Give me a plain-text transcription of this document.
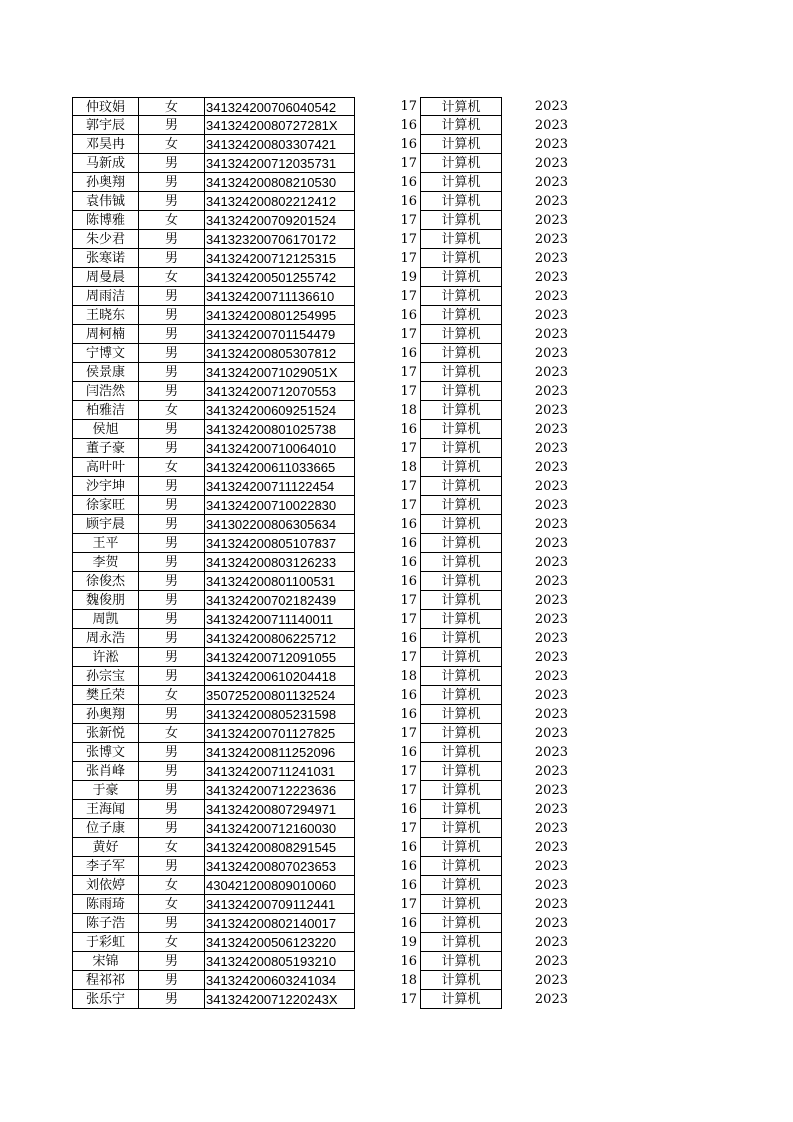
仲玟娟	女	341324200706040542	17	计算机	2023
郭宇辰	男	34132420080727281X	16	计算机	2023
邓昊冉	女	341324200803307421	16	计算机	2023
马新成	男	341324200712035731	17	计算机	2023
孙奥翔	男	341324200808210530	16	计算机	2023
袁伟铖	男	341324200802212412	16	计算机	2023
陈博雅	女	341324200709201524	17	计算机	2023
朱少君	男	341323200706170172	17	计算机	2023
张寒诺	男	341324200712125315	17	计算机	2023
周曼晨	女	341324200501255742	19	计算机	2023
周雨洁	男	341324200711136610	17	计算机	2023
王晓东	男	341324200801254995	16	计算机	2023
周柯楠	男	341324200701154479	17	计算机	2023
宁博文	男	341324200805307812	16	计算机	2023
侯景康	男	34132420071029051X	17	计算机	2023
闫浩然	男	341324200712070553	17	计算机	2023
柏雅洁	女	341324200609251524	18	计算机	2023
侯旭	男	341324200801025738	16	计算机	2023
董子豪	男	341324200710064010	17	计算机	2023
高叶叶	女	341324200611033665	18	计算机	2023
沙宇坤	男	341324200711122454	17	计算机	2023
徐家旺	男	341324200710022830	17	计算机	2023
顾宇晨	男	341302200806305634	16	计算机	2023
王平	男	341324200805107837	16	计算机	2023
李贺	男	341324200803126233	16	计算机	2023
徐俊杰	男	341324200801100531	16	计算机	2023
魏俊朋	男	341324200702182439	17	计算机	2023
周凯	男	341324200711140011	17	计算机	2023
周永浩	男	341324200806225712	16	计算机	2023
许淞	男	341324200712091055	17	计算机	2023
孙宗宝	男	341324200610204418	18	计算机	2023
樊丘荣	女	350725200801132524	16	计算机	2023
孙奥翔	男	341324200805231598	16	计算机	2023
张新悦	女	341324200701127825	17	计算机	2023
张博文	男	341324200811252096	16	计算机	2023
张肖峰	男	341324200711241031	17	计算机	2023
于豪	男	341324200712223636	17	计算机	2023
王海闻	男	341324200807294971	16	计算机	2023
位子康	男	341324200712160030	17	计算机	2023
黄好	女	341324200808291545	16	计算机	2023
李子军	男	341324200807023653	16	计算机	2023
刘依婷	女	430421200809010060	16	计算机	2023
陈雨琦	女	341324200709112441	17	计算机	2023
陈子浩	男	341324200802140017	16	计算机	2023
于彩虹	女	341324200506123220	19	计算机	2023
宋锦	男	341324200805193210	16	计算机	2023
程祁祁	男	341324200603241034	18	计算机	2023
张乐宁	男	34132420071220243X	17	计算机	2023
